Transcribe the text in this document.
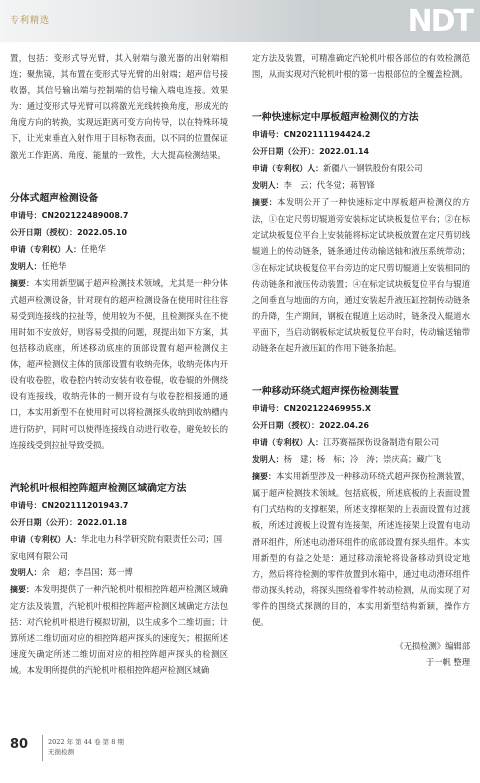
专利精选	NDT

置，包括：变形式导光臂，其入射端与激光器的出射端相连；聚焦镜，其布置在变形式导光臂的出射端；超声信号接收器，其信号输出端与控制端的信号输入端电连接。效果为：通过变形式导光臂可以将激光光线转换角度，形成光的角度方向的转换，实现远距离可变方向传导，以在特殊环境下，让光束垂直入射作用于目标物表面，以不同的位置保证激光工作距离、角度、能量的一致性，大大提高检测结果。

分体式超声检测设备

申请号：CN202122489008.7

公开日期（授权）：2022.05.10

申请（专利权）人：任艳华

发明人：任艳华

摘要：本实用新型属于超声检测技术领域，尤其是一种分体式超声检测设备，针对现有的超声检测设备在使用时往往容易受到连接线的拉扯等，使用较为不便，且检测探头在不使用时如不安放好，则容易受损的问题，现提出如下方案，其包括移动底座，所述移动底座的顶部设置有超声检测仪主体，超声检测仪主体的顶部设置有收纳壳体，收纳壳体内开设有收卷腔，收卷腔内转动安装有收卷辊，收卷辊的外侧绕设有连接线，收纳壳体的一侧开设有与收卷腔相接通的通口，本实用新型不在使用时可以将检测探头收纳到收纳槽内进行防护，同时可以使得连接线自动进行收卷，避免较长的连接线受到拉扯导致受损。

汽轮机叶根相控阵超声检测区域确定方法

申请号：CN202111201943.7

公开日期（公开）：2022.01.18

申请（专利权）人：华北电力科学研究院有限责任公司；国家电网有限公司

发明人：余　超；李昌国；郑一博

摘要：本发明提供了一种汽轮机叶根相控阵超声检测区域确定方法及装置，汽轮机叶根相控阵超声检测区域确定方法包括：对汽轮机叶根进行模拟切割，以生成多个二维切面；计算所述二维切面对应的相控阵超声探头的速度矢；根据所述速度矢确定所述二维切面对应的相控阵超声探头的检测区域。本发明所提供的汽轮机叶根相控阵超声检测区域确

定方法及装置，可精准确定汽轮机叶根各部位的有效检测范围，从而实现对汽轮机叶根的第一齿根部位的全覆盖检测。

一种快速标定中厚板超声检测仪的方法

申请号：CN202111194424.2

公开日期（公开）：2022.01.14

申请（专利权）人：新疆八一钢铁股份有限公司

发明人：李　云；代冬觉；蒋智锋

摘要：本发明公开了一种快速标定中厚板超声检测仪的方法，①在定尺剪切辊道旁安装标定试块板复位平台；②在标定试块板复位平台上安装能将标定试块板放置在定尺剪切线辊道上的传动链条，链条通过传动输送轴和液压系统带动；③在标定试块板复位平台旁边的定尺剪切辊道上安装相同的传动链条和液压传动装置；④在标定试块板复位平台与辊道之间垂直与地面的方向，通过安装起升液压缸控制传动链条的升降，生产期间，钢板在辊道上运动时，链条没入辊道水平面下，当启动钢板标定试块板复位平台时，传动输送轴带动链条在起升液压缸的作用下链条抬起。

一种移动环绕式超声探伤检测装置

申请号：CN202122469955.X

公开日期（授权）：2022.04.26

申请（专利权）人：江苏赛福探伤设备制造有限公司

发明人：杨　建；杨　标；冷　涛；崇庆高；藏广飞

摘要：本实用新型涉及一种移动环绕式超声探伤检测装置，属于超声检测技术领域。包括底板，所述底板的上表面设置有门式结构的支撑框架，所述支撑框架的上表面设置有过渡板，所述过渡板上设置有连接架，所述连接架上设置有电动滑环组件，所述电动滑环组件的底部设置有探头组件。本实用新型的有益之处是：通过移动滚轮将设备移动到设定地方，然后将待检测的零件放置到水箱中，通过电动滑环组件带动探头转动，将探头围绕着零件转动检测，从而实现了对零件的围绕式探测的目的，本实用新型结构新颖，操作方便。

《无损检测》编辑部

于一帆 整理

80	2022 年 第 44 卷 第 8 期
无损检测
